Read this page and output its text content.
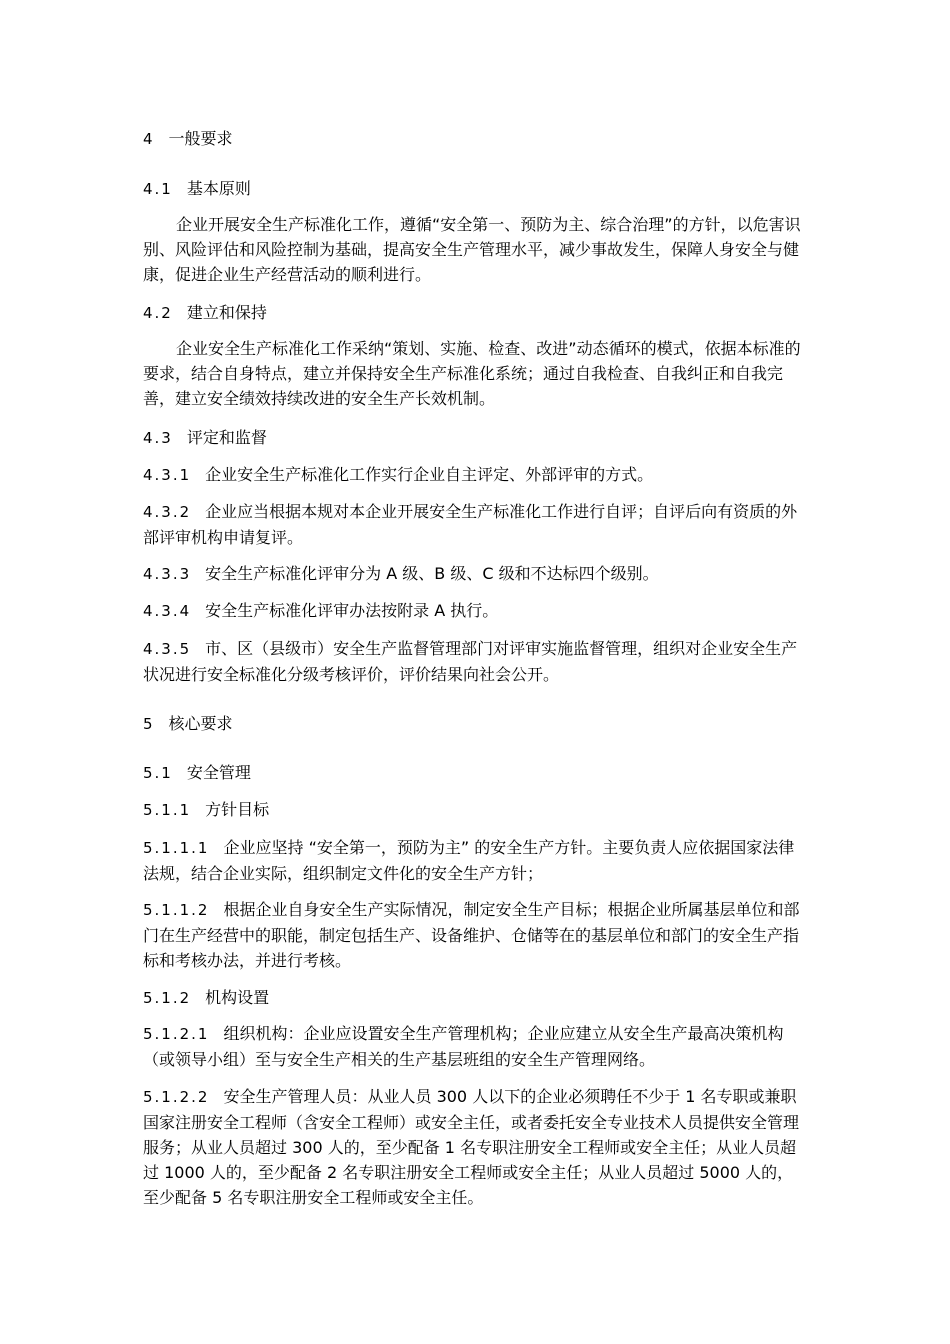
4 一般要求
4.1 基本原则
企业开展安全生产标准化工作，遵循“安全第一、预防为主、综合治理”的方针，以危害识别、风险评估和风险控制为基础，提高安全生产管理水平，减少事故发生，保障人身安全与健康，促进企业生产经营活动的顺利进行。
4.2 建立和保持
企业安全生产标准化工作采纳“策划、实施、检查、改进”动态循环的模式，依据本标准的要求，结合自身特点，建立并保持安全生产标准化系统；通过自我检查、自我纠正和自我完善，建立安全绩效持续改进的安全生产长效机制。
4.3 评定和监督
4.3.1 企业安全生产标准化工作实行企业自主评定、外部评审的方式。
4.3.2 企业应当根据本规对本企业开展安全生产标准化工作进行自评；自评后向有资质的外部评审机构申请复评。
4.3.3 安全生产标准化评审分为 A 级、B 级、C 级和不达标四个级别。
4.3.4 安全生产标准化评审办法按附录 A 执行。
4.3.5 市、区（县级市）安全生产监督管理部门对评审实施监督管理，组织对企业安全生产状况进行安全标准化分级考核评价，评价结果向社会公开。
5 核心要求
5.1 安全管理
5.1.1 方针目标
5.1.1.1 企业应坚持 “安全第一，预防为主” 的安全生产方针。主要负责人应依据国家法律法规，结合企业实际，组织制定文件化的安全生产方针；
5.1.1.2 根据企业自身安全生产实际情况，制定安全生产目标；根据企业所属基层单位和部门在生产经营中的职能，制定包括生产、设备维护、仓储等在的基层单位和部门的安全生产指标和考核办法，并进行考核。
5.1.2 机构设置
5.1.2.1 组织机构：企业应设置安全生产管理机构；企业应建立从安全生产最高决策机构（或领导小组）至与安全生产相关的生产基层班组的安全生产管理网络。
5.1.2.2 安全生产管理人员：从业人员 300 人以下的企业必须聘任不少于 1 名专职或兼职国家注册安全工程师（含安全工程师）或安全主任，或者委托安全专业技术人员提供安全管理服务；从业人员超过 300 人的，至少配备 1 名专职注册安全工程师或安全主任；从业人员超过 1000 人的，至少配备 2 名专职注册安全工程师或安全主任；从业人员超过 5000 人的，至少配备 5 名专职注册安全工程师或安全主任。
